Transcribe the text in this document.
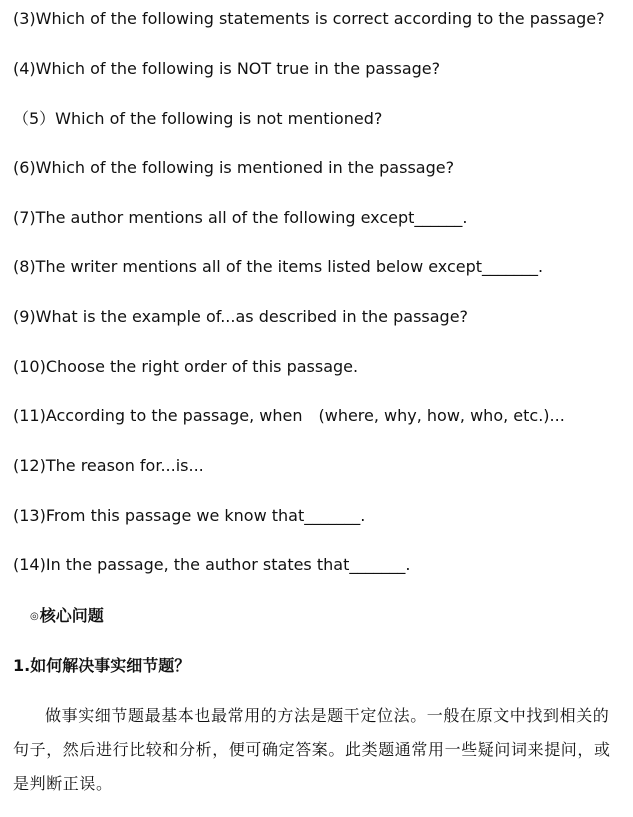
(3)Which of the following statements is correct according to the passage?
(4)Which of the following is NOT true in the passage?
（5）Which of the following is not mentioned?
(6)Which of the following is mentioned in the passage?
(7)The author mentions all of the following except______.
(8)The writer mentions all of the items listed below except_______.
(9)What is the example of...as described in the passage?
(10)Choose the right order of this passage.
(11)According to the passage, when　(where, why, how, who, etc.)...
(12)The reason for...is...
(13)From this passage we know that_______.
(14)In the passage, the author states that_______.
◎核心问题
1.如何解决事实细节题？
做事实细节题最基本也最常用的方法是题干定位法。一般在原文中找到相关的句子，然后进行比较和分析，便可确定答案。此类题通常用一些疑问词来提问，或是判断正误。
